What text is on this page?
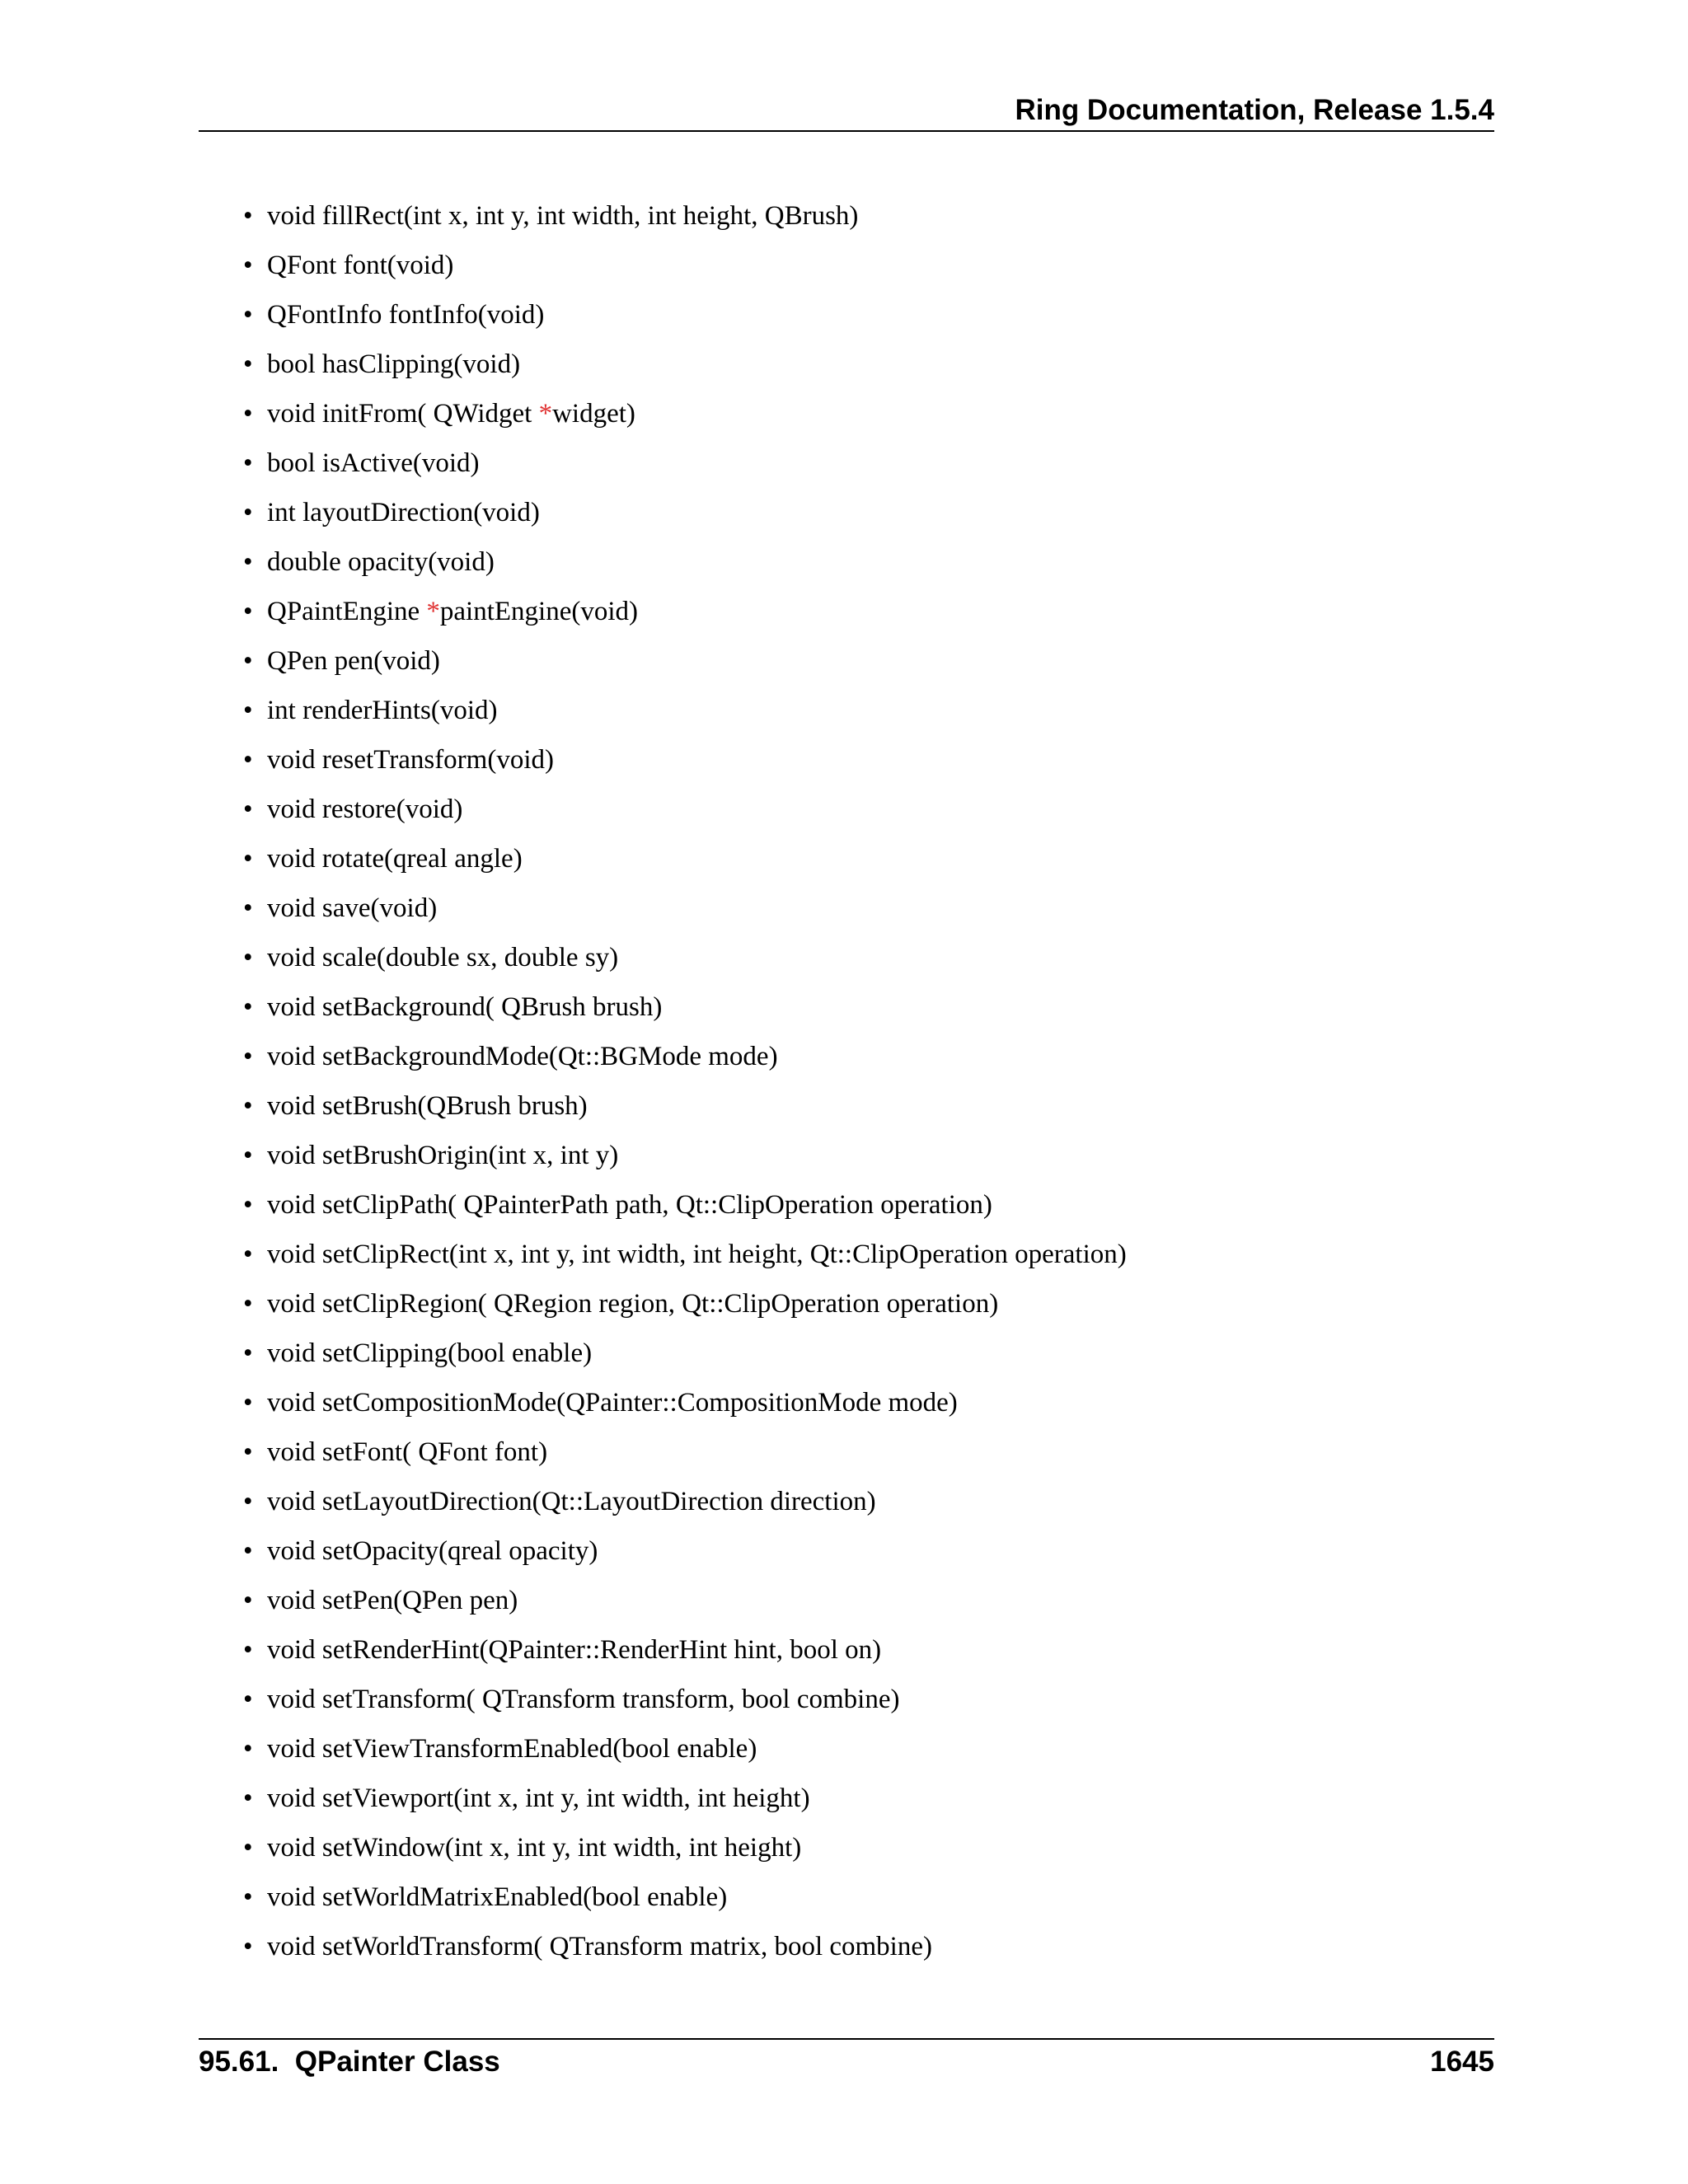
Ring Documentation, Release 1.5.4
• void fillRect(int x, int y, int width, int height, QBrush)
• QFont font(void)
• QFontInfo fontInfo(void)
• bool hasClipping(void)
• void initFrom( QWidget *widget)
• bool isActive(void)
• int layoutDirection(void)
• double opacity(void)
• QPaintEngine *paintEngine(void)
• QPen pen(void)
• int renderHints(void)
• void resetTransform(void)
• void restore(void)
• void rotate(qreal angle)
• void save(void)
• void scale(double sx, double sy)
• void setBackground( QBrush brush)
• void setBackgroundMode(Qt::BGMode mode)
• void setBrush(QBrush brush)
• void setBrushOrigin(int x, int y)
• void setClipPath( QPainterPath path, Qt::ClipOperation operation)
• void setClipRect(int x, int y, int width, int height, Qt::ClipOperation operation)
• void setClipRegion( QRegion region, Qt::ClipOperation operation)
• void setClipping(bool enable)
• void setCompositionMode(QPainter::CompositionMode mode)
• void setFont( QFont font)
• void setLayoutDirection(Qt::LayoutDirection direction)
• void setOpacity(qreal opacity)
• void setPen(QPen pen)
• void setRenderHint(QPainter::RenderHint hint, bool on)
• void setTransform( QTransform transform, bool combine)
• void setViewTransformEnabled(bool enable)
• void setViewport(int x, int y, int width, int height)
• void setWindow(int x, int y, int width, int height)
• void setWorldMatrixEnabled(bool enable)
• void setWorldTransform( QTransform matrix, bool combine)
95.61.  QPainter Class	1645
